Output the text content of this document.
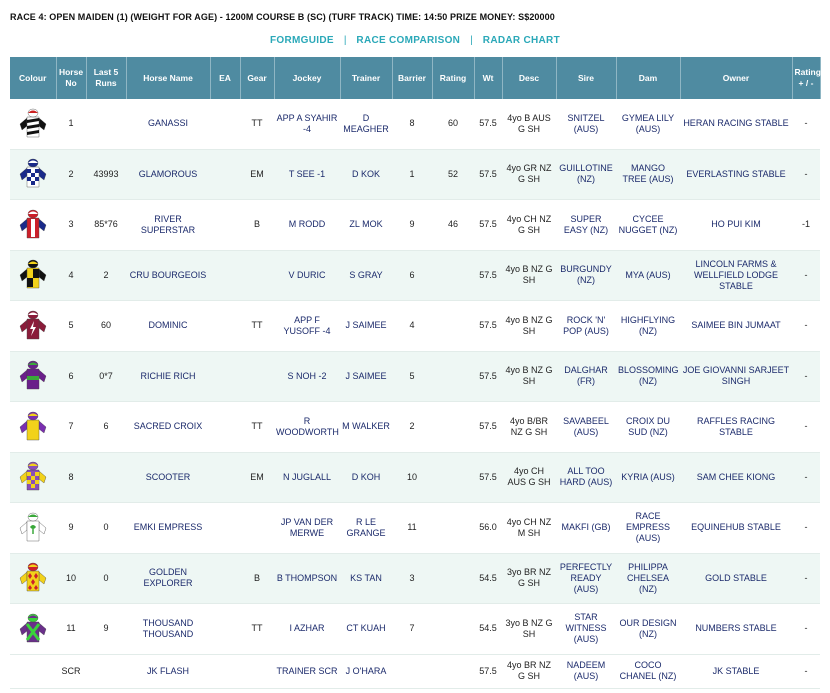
RACE 4: OPEN MAIDEN (1) (WEIGHT FOR AGE) - 1200M COURSE B (SC) (TURF TRACK) TIME: 14:50 PRIZE MONEY: S$20000
FORMGUIDE | RACE COMPARISON | RADAR CHART
Colour	Horse No	Last 5 Runs	Horse Name	EA	Gear	Jockey	Trainer	Barrier	Rating	Wt	Desc	Sire	Dam	Owner	Rating + / -

	1		GANASSI		TT	APP A SYAHIR -4	D MEAGHER	8	60	57.5	4yo B AUS G SH	SNITZEL (AUS)	GYMEA LILY (AUS)	HERAN RACING STABLE	-

	2	43993	GLAMOROUS		EM	T SEE -1	D KOK	1	52	57.5	4yo GR NZ G SH	GUILLOTINE (NZ)	MANGO TREE (AUS)	EVERLASTING STABLE	-

	3	85*76	RIVER SUPERSTAR		B	M RODD	ZL MOK	9	46	57.5	4yo CH NZ G SH	SUPER EASY (NZ)	CYCEE NUGGET (NZ)	HO PUI KIM	-1

	4	2	CRU BOURGEOIS			V DURIC	S GRAY	6		57.5	4yo B NZ G SH	BURGUNDY (NZ)	MYA (AUS)	LINCOLN FARMS & WELLFIELD LODGE STABLE	-

	5	60	DOMINIC		TT	APP F YUSOFF -4	J SAIMEE	4		57.5	4yo B NZ G SH	ROCK 'N' POP (AUS)	HIGHFLYING (NZ)	SAIMEE BIN JUMAAT	-

	6	0*7	RICHIE RICH			S NOH -2	J SAIMEE	5		57.5	4yo B NZ G SH	DALGHAR (FR)	BLOSSOMING (NZ)	JOE GIOVANNI SARJEET SINGH	-

	7	6	SACRED CROIX		TT	R WOODWORTH	M WALKER	2		57.5	4yo B/BR NZ G SH	SAVABEEL (AUS)	CROIX DU SUD (NZ)	RAFFLES RACING STABLE	-

	8		SCOOTER		EM	N JUGLALL	D KOH	10		57.5	4yo CH AUS G SH	ALL TOO HARD (AUS)	KYRIA (AUS)	SAM CHEE KIONG	-

	9	0	EMKI EMPRESS			JP VAN DER MERWE	R LE GRANGE	11		56.0	4yo CH NZ M SH	MAKFI (GB)	RACE EMPRESS (AUS)	EQUINEHUB STABLE	-

	10	0	GOLDEN EXPLORER		B	B THOMPSON	KS TAN	3		54.5	3yo BR NZ G SH	PERFECTLY READY (AUS)	PHILIPPA CHELSEA (NZ)	GOLD STABLE	-

	11	9	THOUSAND THOUSAND		TT	I AZHAR	CT KUAH	7		54.5	3yo B NZ G SH	STAR WITNESS (AUS)	OUR DESIGN (NZ)	NUMBERS STABLE	-
	SCR		JK FLASH			TRAINER SCR	J O'HARA			57.5	4yo BR NZ G SH	NADEEM (AUS)	COCO CHANEL (NZ)	JK STABLE	-
